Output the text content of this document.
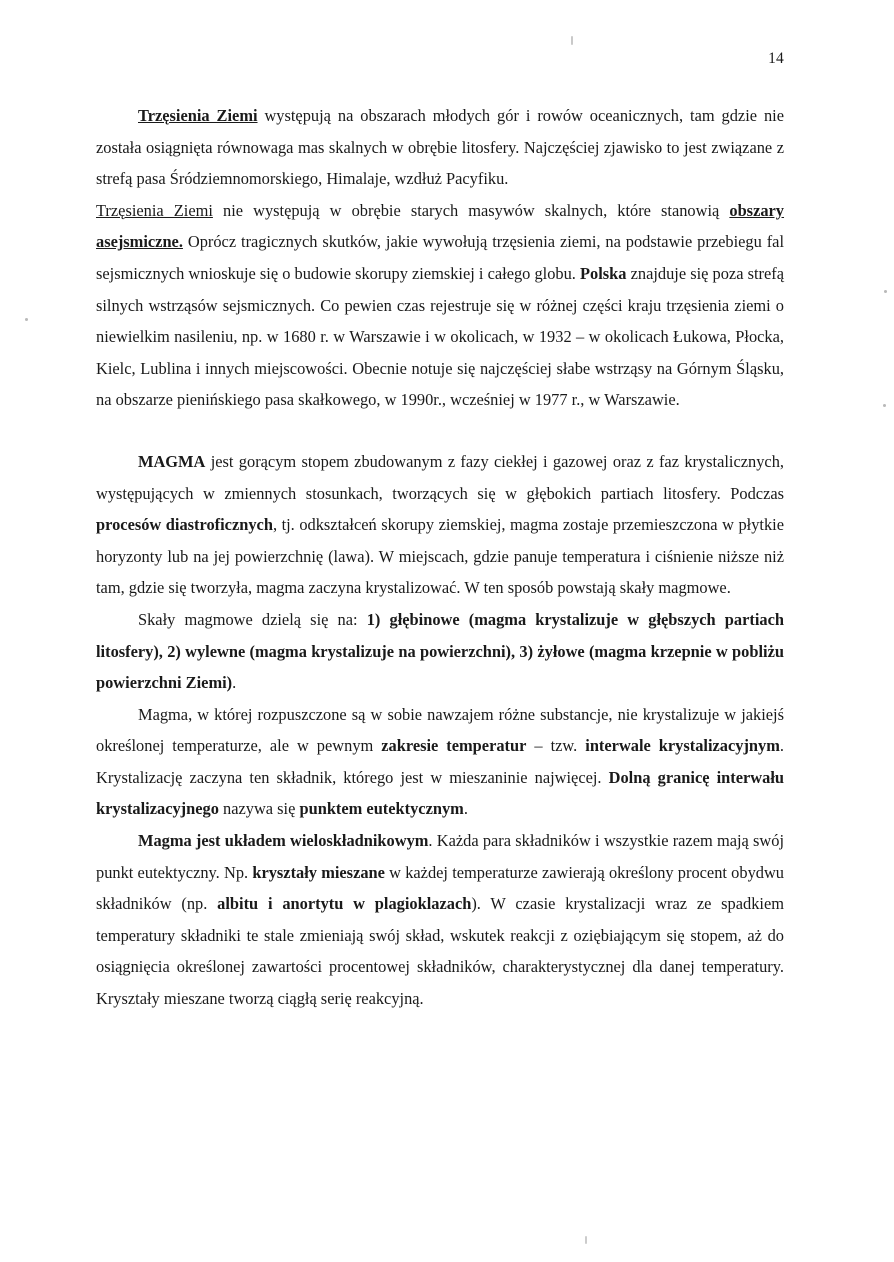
14

Trzęsienia Ziemi występują na obszarach młodych gór i rowów oceanicznych, tam gdzie nie została osiągnięta równowaga mas skalnych w obrębie litosfery. Najczęściej zjawisko to jest związane z strefą pasa Śródziemnomorskiego, Himalaje, wzdłuż Pacyfiku.

Trzęsienia Ziemi nie występują w obrębie starych masywów skalnych, które stanowią obszary asejsmiczne. Oprócz tragicznych skutków, jakie wywołują trzęsienia ziemi, na podstawie przebiegu fal sejsmicznych wnioskuje się o budowie skorupy ziemskiej i całego globu. Polska znajduje się poza strefą silnych wstrząsów sejsmicznych. Co pewien czas rejestruje się w różnej części kraju trzęsienia ziemi o niewielkim nasileniu, np. w 1680 r. w Warszawie i w okolicach, w 1932 – w okolicach Łukowa, Płocka, Kielc, Lublina i innych miejscowości. Obecnie notuje się najczęściej słabe wstrząsy na Górnym Śląsku, na obszarze pienińskiego pasa skałkowego, w 1990r., wcześniej w 1977 r., w Warszawie.

MAGMA jest gorącym stopem zbudowanym z fazy ciekłej i gazowej oraz z faz krystalicznych, występujących w zmiennych stosunkach, tworzących się w głębokich partiach litosfery. Podczas procesów diastroficznych, tj. odkształceń skorupy ziemskiej, magma zostaje przemieszczona w płytkie horyzonty lub na jej powierzchnię (lawa). W miejscach, gdzie panuje temperatura i ciśnienie niższe niż tam, gdzie się tworzyła, magma zaczyna krystalizować. W ten sposób powstają skały magmowe.

Skały magmowe dzielą się na: 1) głębinowe (magma krystalizuje w głębszych partiach litosfery), 2) wylewne (magma krystalizuje na powierzchni), 3) żyłowe (magma krzepnie w pobliżu powierzchni Ziemi).

Magma, w której rozpuszczone są w sobie nawzajem różne substancje, nie krystalizuje w jakiejś określonej temperaturze, ale w pewnym zakresie temperatur – tzw. interwale krystalizacyjnym. Krystalizację zaczyna ten składnik, którego jest w mieszaninie najwięcej. Dolną granicę interwału krystalizacyjnego nazywa się punktem eutektycznym.

Magma jest układem wieloskładnikowym. Każda para składników i wszystkie razem mają swój punkt eutektyczny. Np. kryształy mieszane w każdej temperaturze zawierają określony procent obydwu składników (np. albitu i anortytu w plagioklazach). W czasie krystalizacji wraz ze spadkiem temperatury składniki te stale zmieniają swój skład, wskutek reakcji z oziębiającym się stopem, aż do osiągnięcia określonej zawartości procentowej składników, charakterystycznej dla danej temperatury. Kryształy mieszane tworzą ciągłą serię reakcyjną.
